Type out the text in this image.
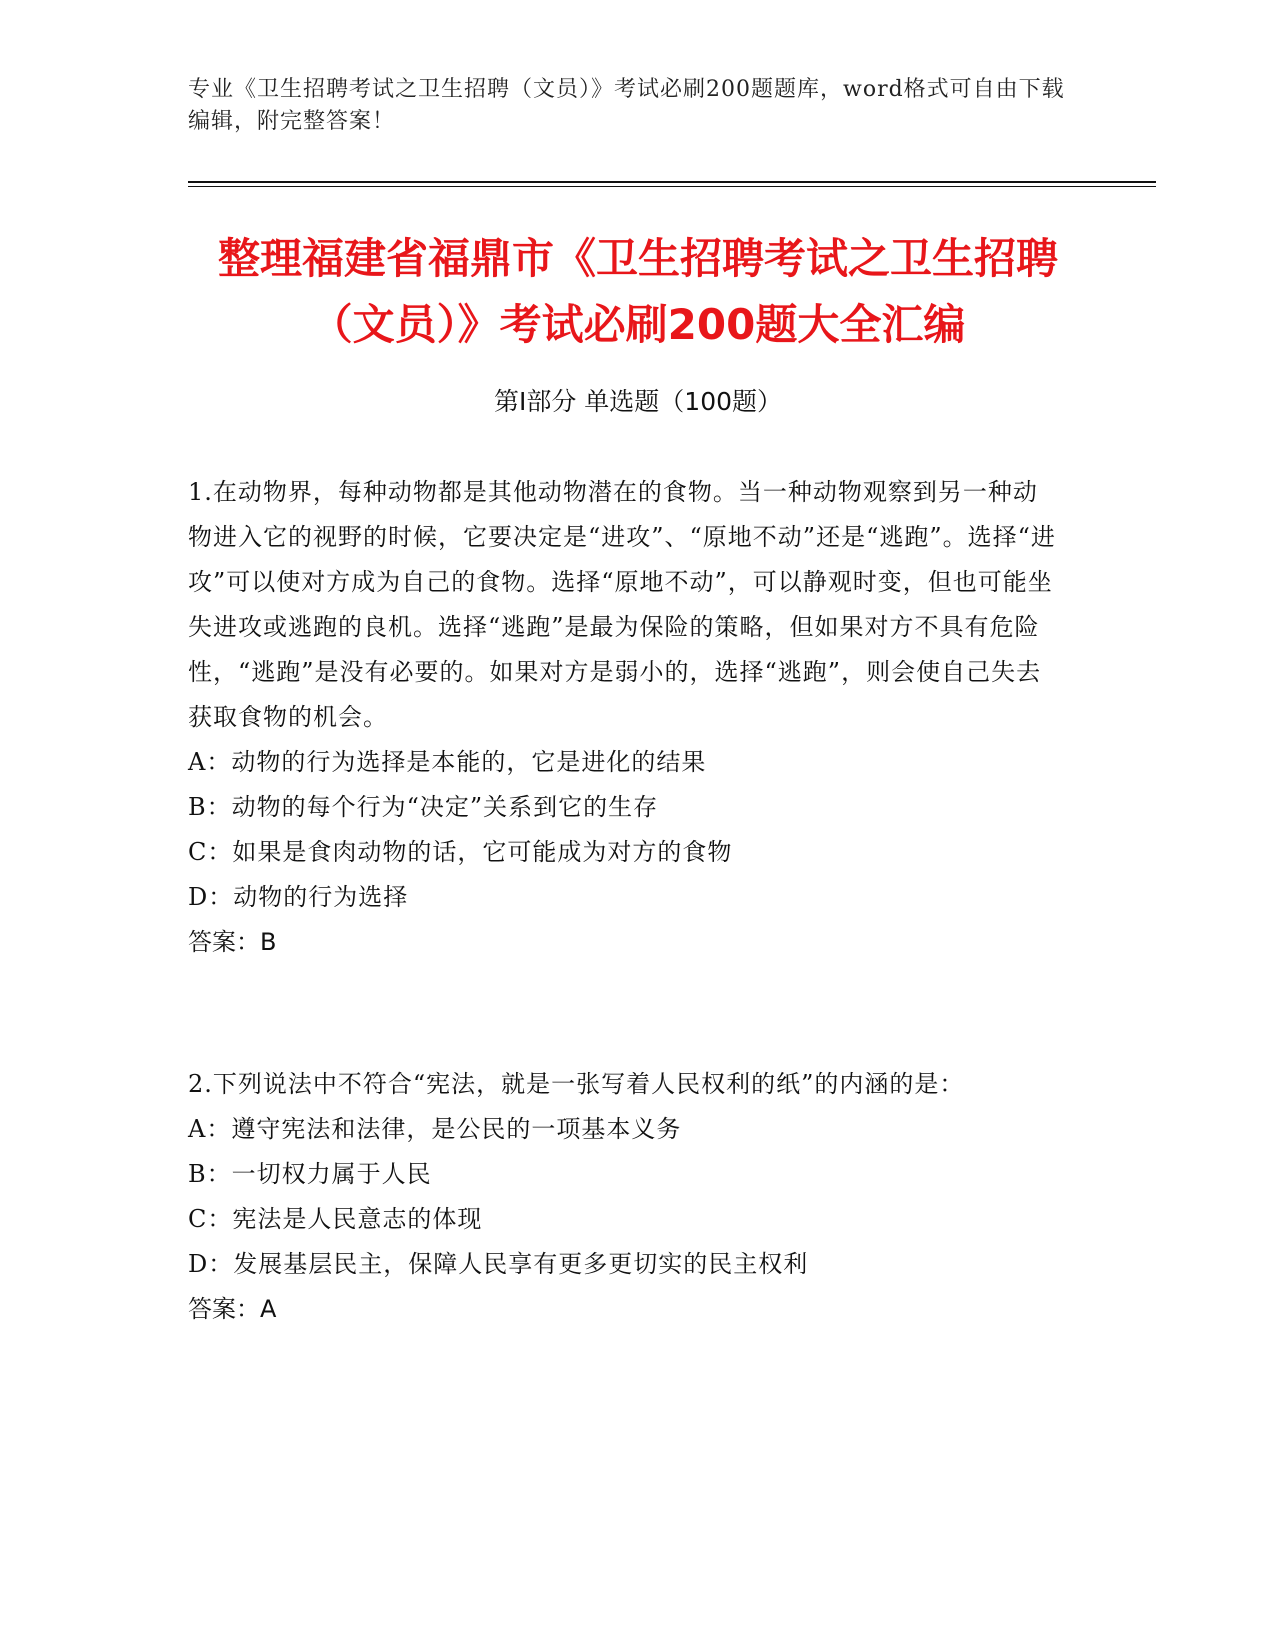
专业《卫生招聘考试之卫生招聘（文员）》考试必刷200题题库，word格式可自由下载编辑，附完整答案！
整理福建省福鼎市《卫生招聘考试之卫生招聘（文员）》考试必刷200题大全汇编
第Ⅰ部分 单选题（100题）

1.在动物界，每种动物都是其他动物潜在的食物。当一种动物观察到另一种动物进入它的视野的时候，它要决定是“进攻”、“原地不动”还是“逃跑”。选择“进攻”可以使对方成为自己的食物。选择“原地不动”，可以静观时变，但也可能坐失进攻或逃跑的良机。选择“逃跑”是最为保险的策略，但如果对方不具有危险性，“逃跑”是没有必要的。如果对方是弱小的，选择“逃跑”，则会使自己失去获取食物的机会。

A：动物的行为选择是本能的，它是进化的结果

B：动物的每个行为“决定”关系到它的生存

C：如果是食肉动物的话，它可能成为对方的食物

D：动物的行为选择

答案：B

2.下列说法中不符合“宪法，就是一张写着人民权利的纸”的内涵的是：

A：遵守宪法和法律，是公民的一项基本义务

B：一切权力属于人民

C：宪法是人民意志的体现

D：发展基层民主，保障人民享有更多更切实的民主权利

答案：A
